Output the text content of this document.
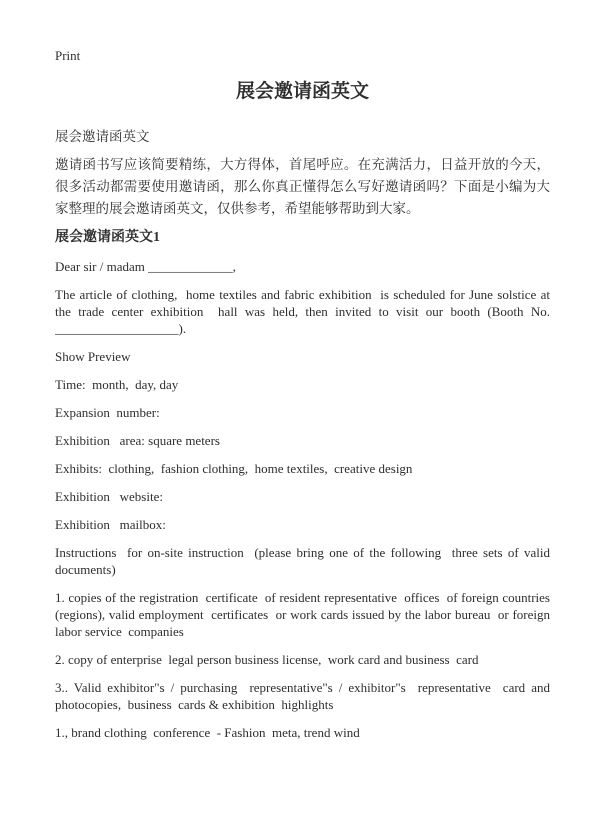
Print
展会邀请函英文

展会邀请函英文

邀请函书写应该简要精练，大方得体，首尾呼应。在充满活力，日益开放的今天，很多活动都需要使用邀请函，那么你真正懂得怎么写好邀请函吗？下面是小编为大家整理的展会邀请函英文，仅供参考，希望能够帮助到大家。

展会邀请函英文1

Dear sir / madam _____________,

The article of clothing,  home textiles and fabric exhibition  is scheduled for June solstice at the trade center exhibition  hall was held, then invited to visit our booth (Booth No. ___________________).

Show Preview

Time:  month,  day, day

Expansion  number:

Exhibition   area: square meters

Exhibits:  clothing,  fashion clothing,  home textiles,  creative design

Exhibition   website:

Exhibition   mailbox:

Instructions  for on-site instruction  (please bring one of the following  three sets of valid documents)

1. copies of the registration  certificate  of resident representative  offices  of foreign countries  (regions), valid employment  certificates  or work cards issued by the labor bureau  or foreign  labor service  companies

2. copy of enterprise  legal person business license,  work card and business  card

3.. Valid exhibitor"s / purchasing  representative"s / exhibitor"s  representative  card and photocopies,  business  cards & exhibition  highlights

1., brand clothing  conference  - Fashion  meta, trend wind
